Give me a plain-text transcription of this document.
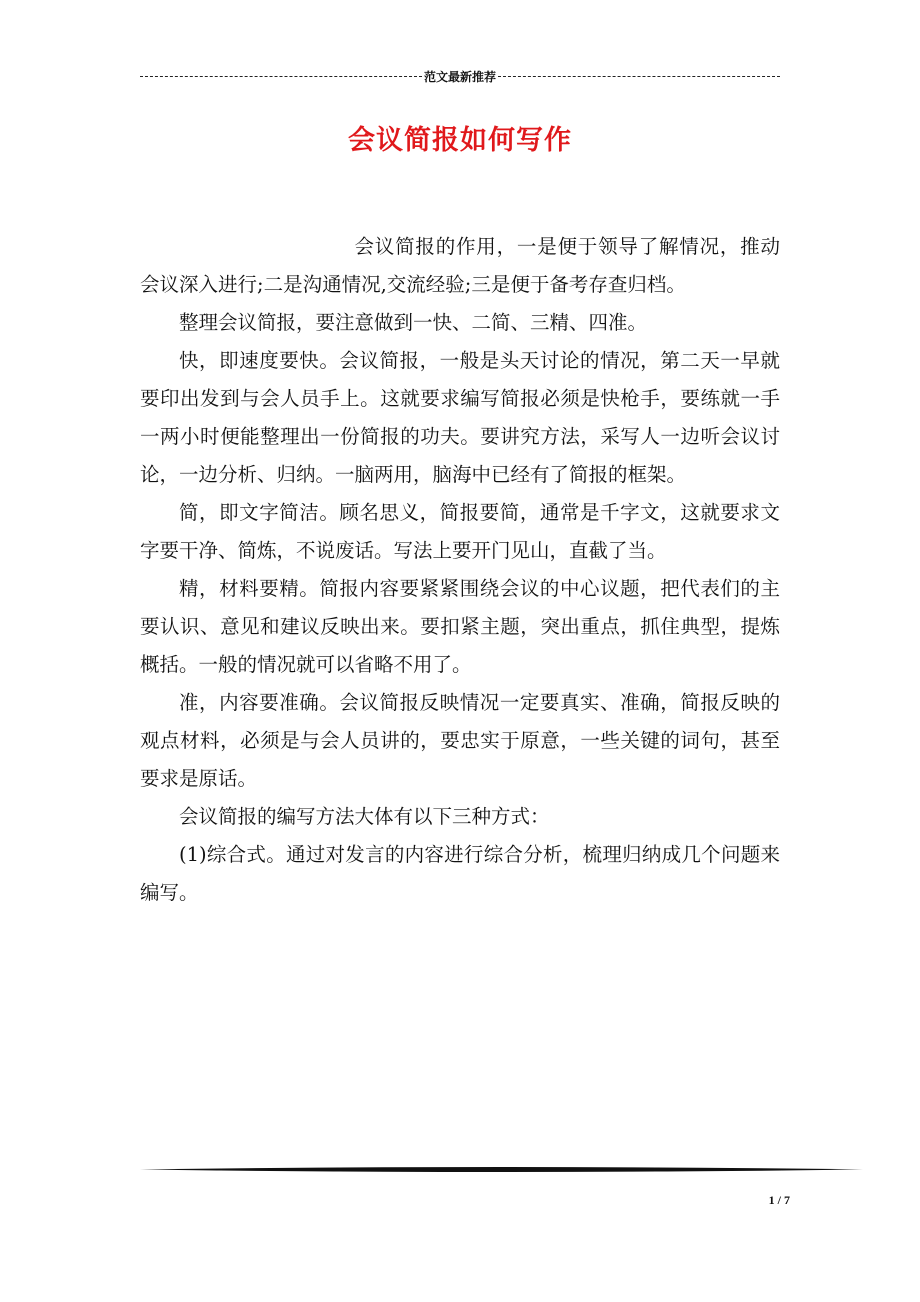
范文最新推荐
会议简报如何写作

会议简报的作用，一是便于领导了解情况，推动会议深入进行;二是沟通情况,交流经验;三是便于备考存查归档。

整理会议简报，要注意做到一快、二简、三精、四准。

快，即速度要快。会议简报，一般是头天讨论的情况，第二天一早就要印出发到与会人员手上。这就要求编写简报必须是快枪手，要练就一手一两小时便能整理出一份简报的功夫。要讲究方法，采写人一边听会议讨论，一边分析、归纳。一脑两用，脑海中已经有了简报的框架。

简，即文字简洁。顾名思义，简报要简，通常是千字文，这就要求文字要干净、简炼，不说废话。写法上要开门见山，直截了当。

精，材料要精。简报内容要紧紧围绕会议的中心议题，把代表们的主要认识、意见和建议反映出来。要扣紧主题，突出重点，抓住典型，提炼概括。一般的情况就可以省略不用了。

准，内容要准确。会议简报反映情况一定要真实、准确，简报反映的观点材料，必须是与会人员讲的，要忠实于原意，一些关键的词句，甚至要求是原话。

会议简报的编写方法大体有以下三种方式：

(1)综合式。通过对发言的内容进行综合分析，梳理归纳成几个问题来编写。

1 / 7
